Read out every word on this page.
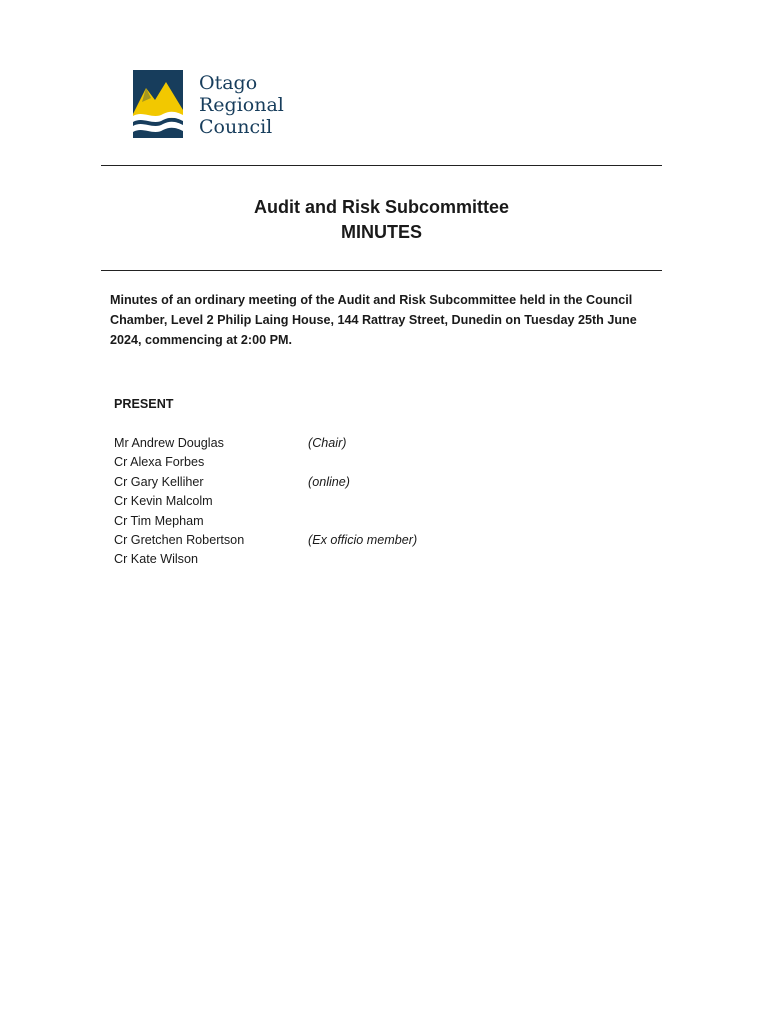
Otago
Regional
Council
Audit and Risk Subcommittee
MINUTES
Minutes of an ordinary meeting of the Audit and Risk Subcommittee held in the Council Chamber, Level 2 Philip Laing House, 144 Rattray Street, Dunedin on Tuesday 25th June 2024, commencing at 2:00 PM.
PRESENT
Mr Andrew Douglas	(Chair)
Cr Alexa Forbes
Cr Gary Kelliher	(online)
Cr Kevin Malcolm
Cr Tim Mepham
Cr Gretchen Robertson	(Ex officio member)
Cr Kate Wilson
